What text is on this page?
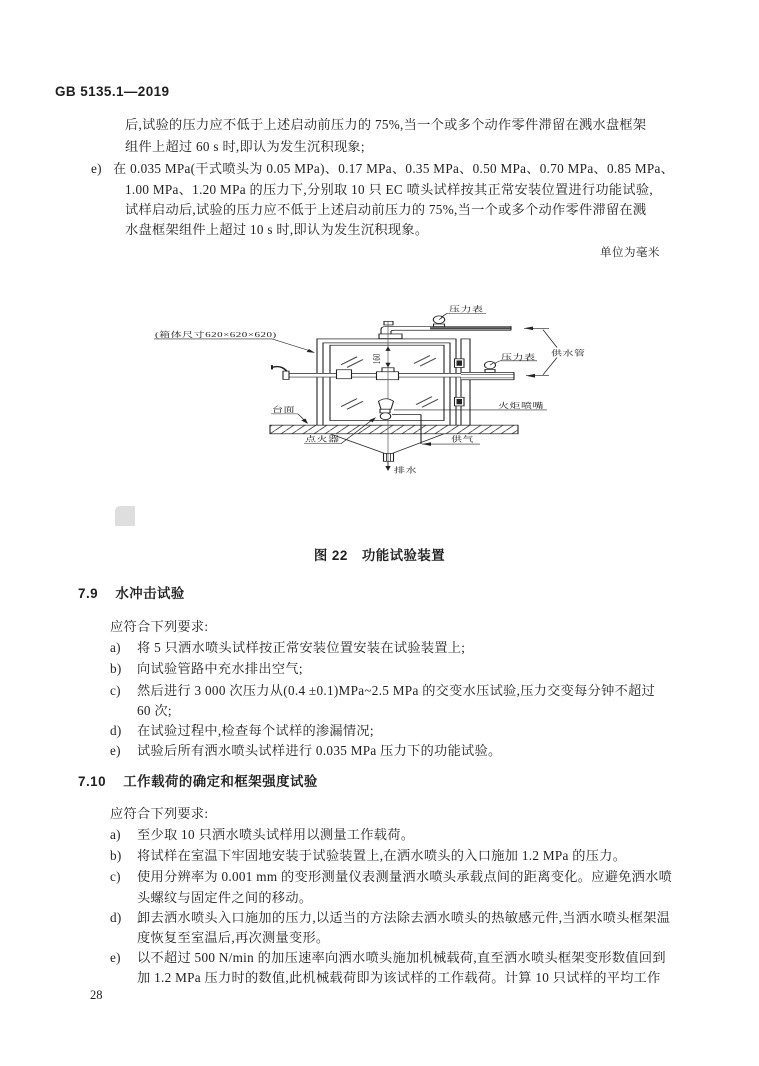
GB 5135.1—2019
后,试验的压力应不低于上述启动前压力的 75%,当一个或多个动作零件滞留在溅水盘框架
组件上超过 60 s 时,即认为发生沉积现象;
e) 在 0.035 MPa(干式喷头为 0.05 MPa)、0.17 MPa、0.35 MPa、0.50 MPa、0.70 MPa、0.85 MPa、
1.00 MPa、1.20 MPa 的压力下,分别取 10 只 EC 喷头试样按其正常安装位置进行功能试验,
试样启动后,试验的压力应不低于上述启动前压力的 75%,当一个或多个动作零件滞留在溅
水盘框架组件上超过 10 s 时,即认为发生沉积现象。
单位为毫米
压力表
压力表
(箱体尺寸620×620×620)
160	供水管
火炬喷嘴
台面
点火器	供气
排水
图 22 功能试验装置
7.9 水冲击试验
应符合下列要求:
a) 将 5 只洒水喷头试样按正常安装位置安装在试验装置上;
b) 向试验管路中充水排出空气;
c) 然后进行 3 000 次压力从(0.4 ±0.1)MPa~2.5 MPa 的交变水压试验,压力交变每分钟不超过
60 次;
d) 在试验过程中,检查每个试样的渗漏情况;
e) 试验后所有洒水喷头试样进行 0.035 MPa 压力下的功能试验。
7.10 工作载荷的确定和框架强度试验
应符合下列要求:
a) 至少取 10 只洒水喷头试样用以测量工作载荷。
b) 将试样在室温下牢固地安装于试验装置上,在洒水喷头的入口施加 1.2 MPa 的压力。
c) 使用分辨率为 0.001 mm 的变形测量仪表测量洒水喷头承载点间的距离变化。应避免洒水喷
头螺纹与固定件之间的移动。
d) 卸去洒水喷头入口施加的压力,以适当的方法除去洒水喷头的热敏感元件,当洒水喷头框架温
度恢复至室温后,再次测量变形。
e) 以不超过 500 N/min 的加压速率向洒水喷头施加机械载荷,直至洒水喷头框架变形数值回到
加 1.2 MPa 压力时的数值,此机械载荷即为该试样的工作载荷。计算 10 只试样的平均工作
28
